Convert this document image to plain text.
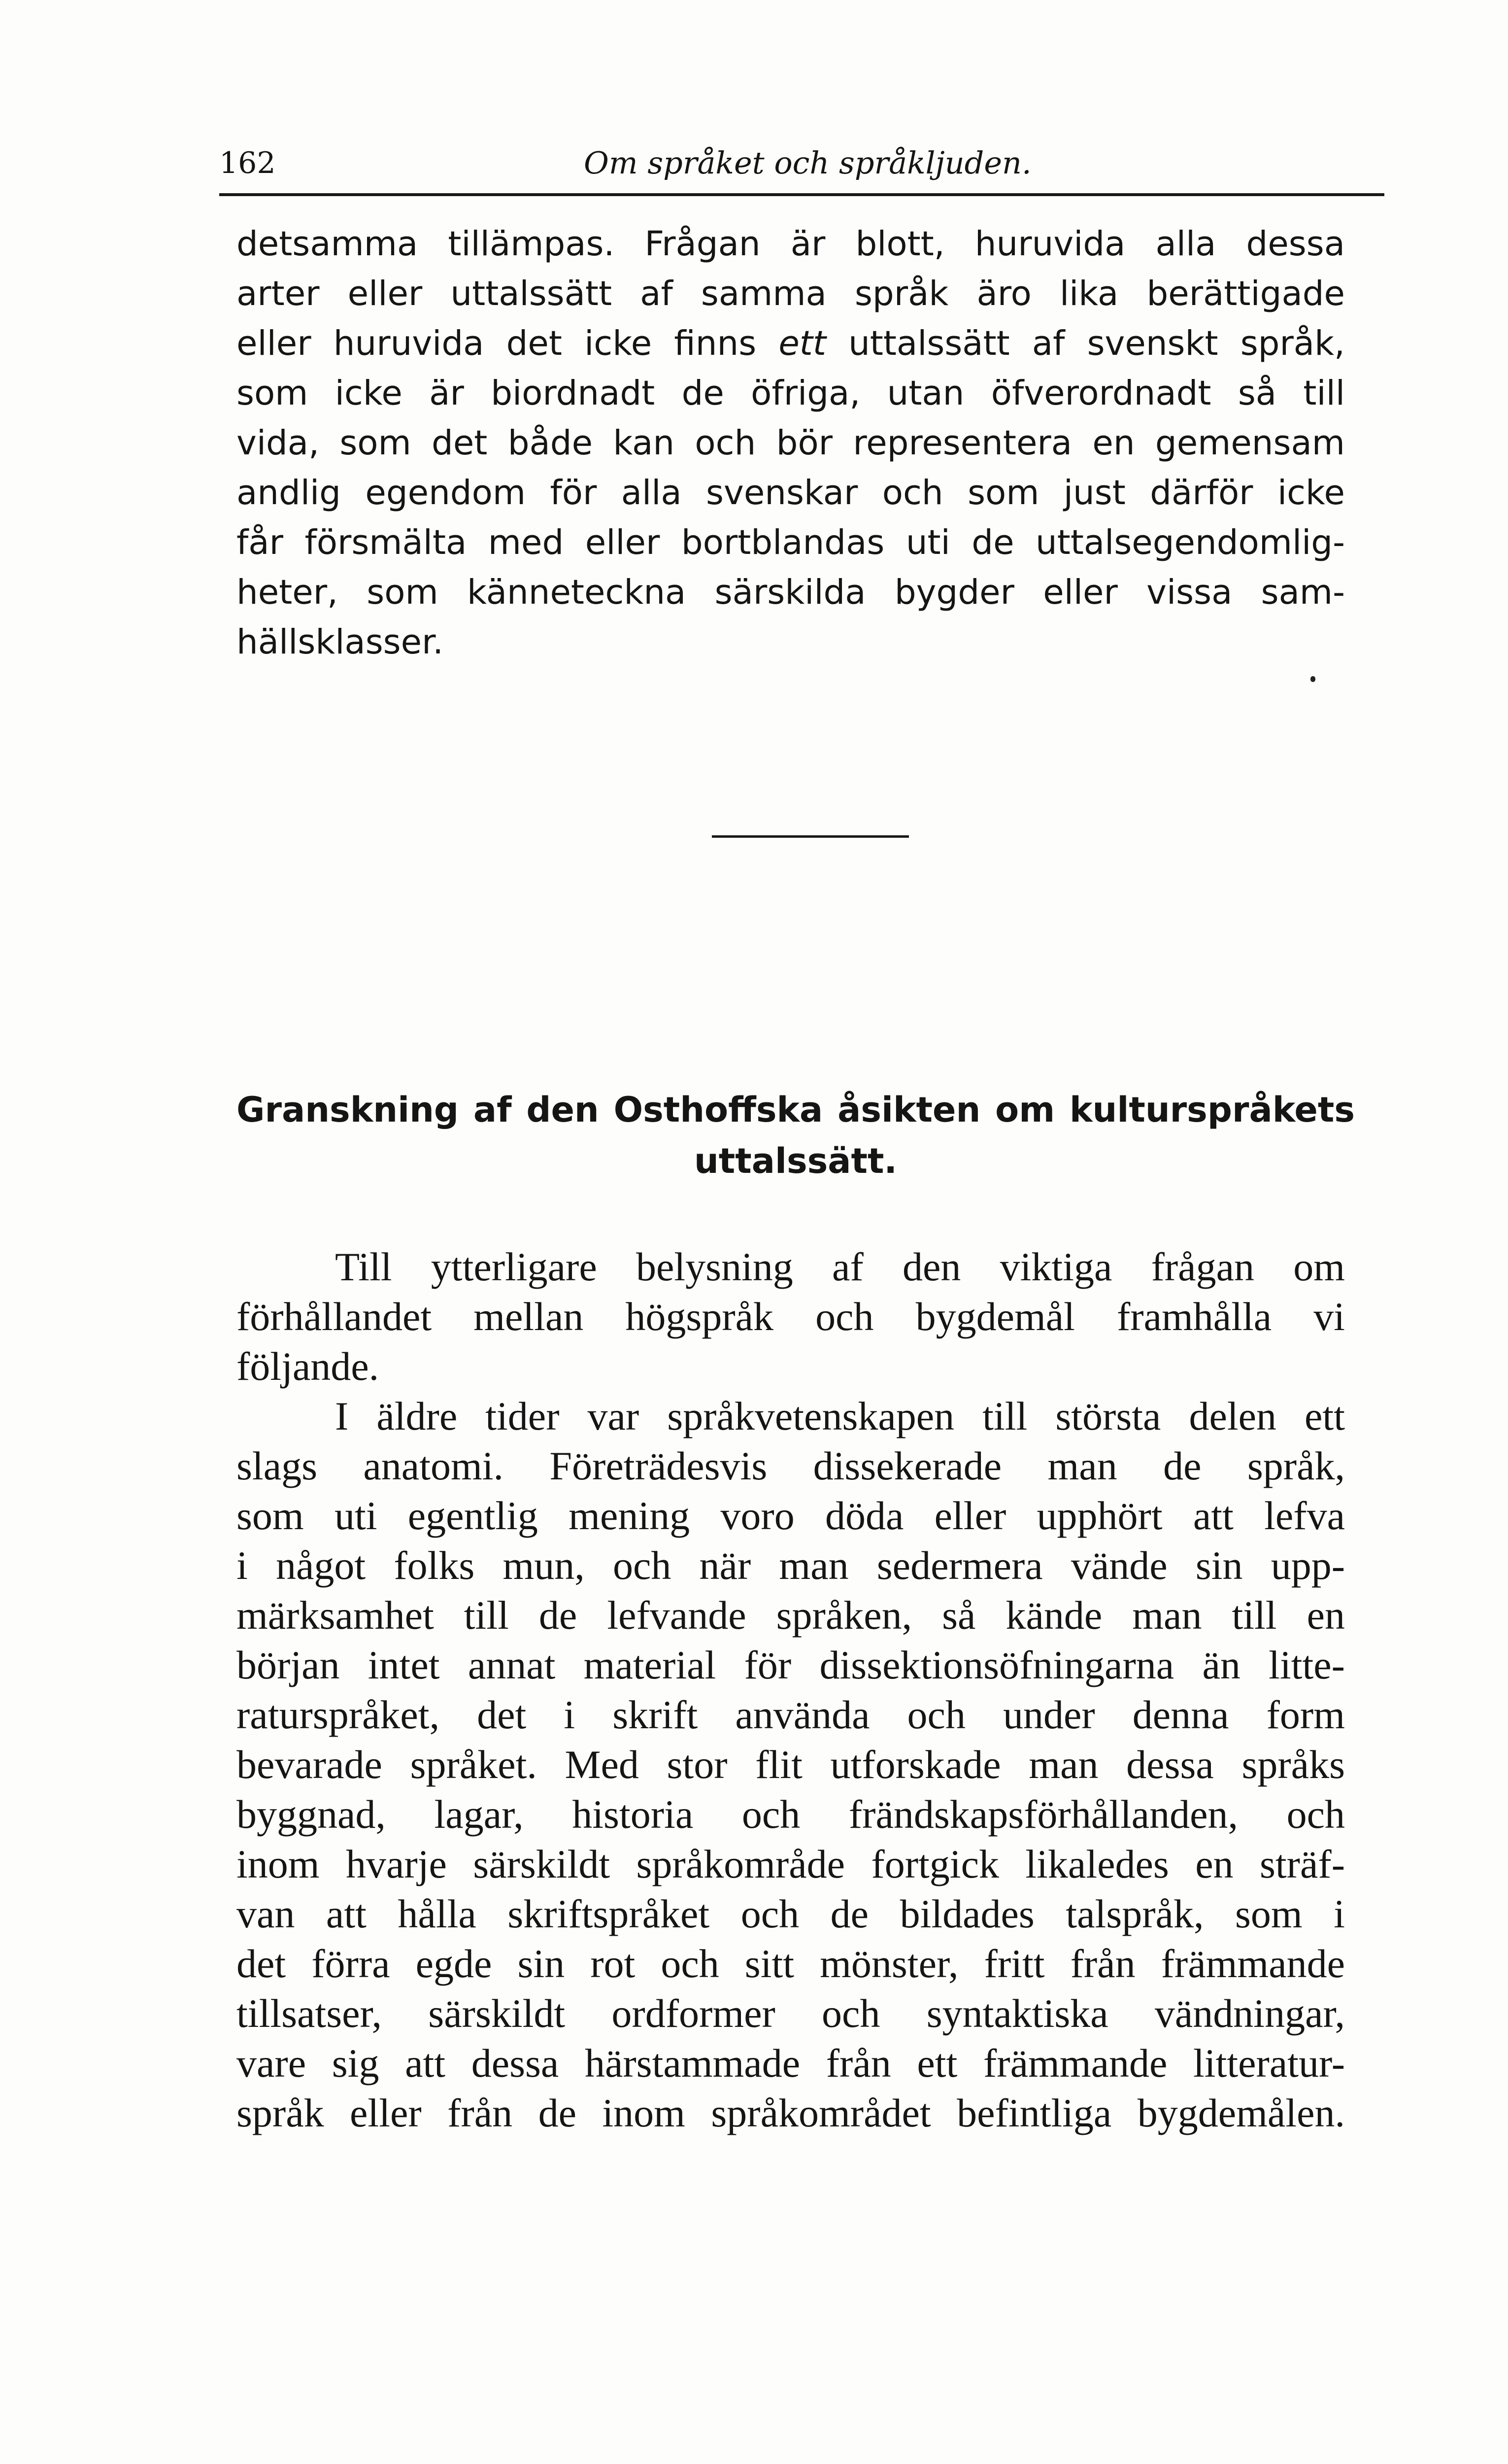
162	Om språket och språkljuden.
detsamma tillämpas. Frågan är blott, huruvida alla dessa
arter eller uttalssätt af samma språk äro lika berättigade
eller huruvida det icke finns ett uttalssätt af svenskt språk,
som icke är biordnadt de öfriga, utan öfverordnadt så till
vida, som det både kan och bör representera en gemensam
andlig egendom för alla svenskar och som just därför icke
får försmälta med eller bortblandas uti de uttalsegendomlig-
heter, som känneteckna särskilda bygder eller vissa sam-
hällsklasser.
Granskning af den Osthoffska åsikten om kulturspråkets
uttalssätt.
Till ytterligare belysning af den viktiga frågan om
förhållandet mellan högspråk och bygdemål framhålla vi
följande.
I äldre tider var språkvetenskapen till största delen ett
slags anatomi. Företrädesvis dissekerade man de språk,
som uti egentlig mening voro döda eller upphört att lefva
i något folks mun, och när man sedermera vände sin upp-
märksamhet till de lefvande språken, så kände man till en
början intet annat material för dissektionsöfningarna än litte-
raturspråket, det i skrift använda och under denna form
bevarade språket. Med stor flit utforskade man dessa språks
byggnad, lagar, historia och frändskapsförhållanden, och
inom hvarje särskildt språkområde fortgick likaledes en sträf-
van att hålla skriftspråket och de bildades talspråk, som i
det förra egde sin rot och sitt mönster, fritt från främmande
tillsatser, särskildt ordformer och syntaktiska vändningar,
vare sig att dessa härstammade från ett främmande litteratur-
språk eller från de inom språkområdet befintliga bygdemålen.
